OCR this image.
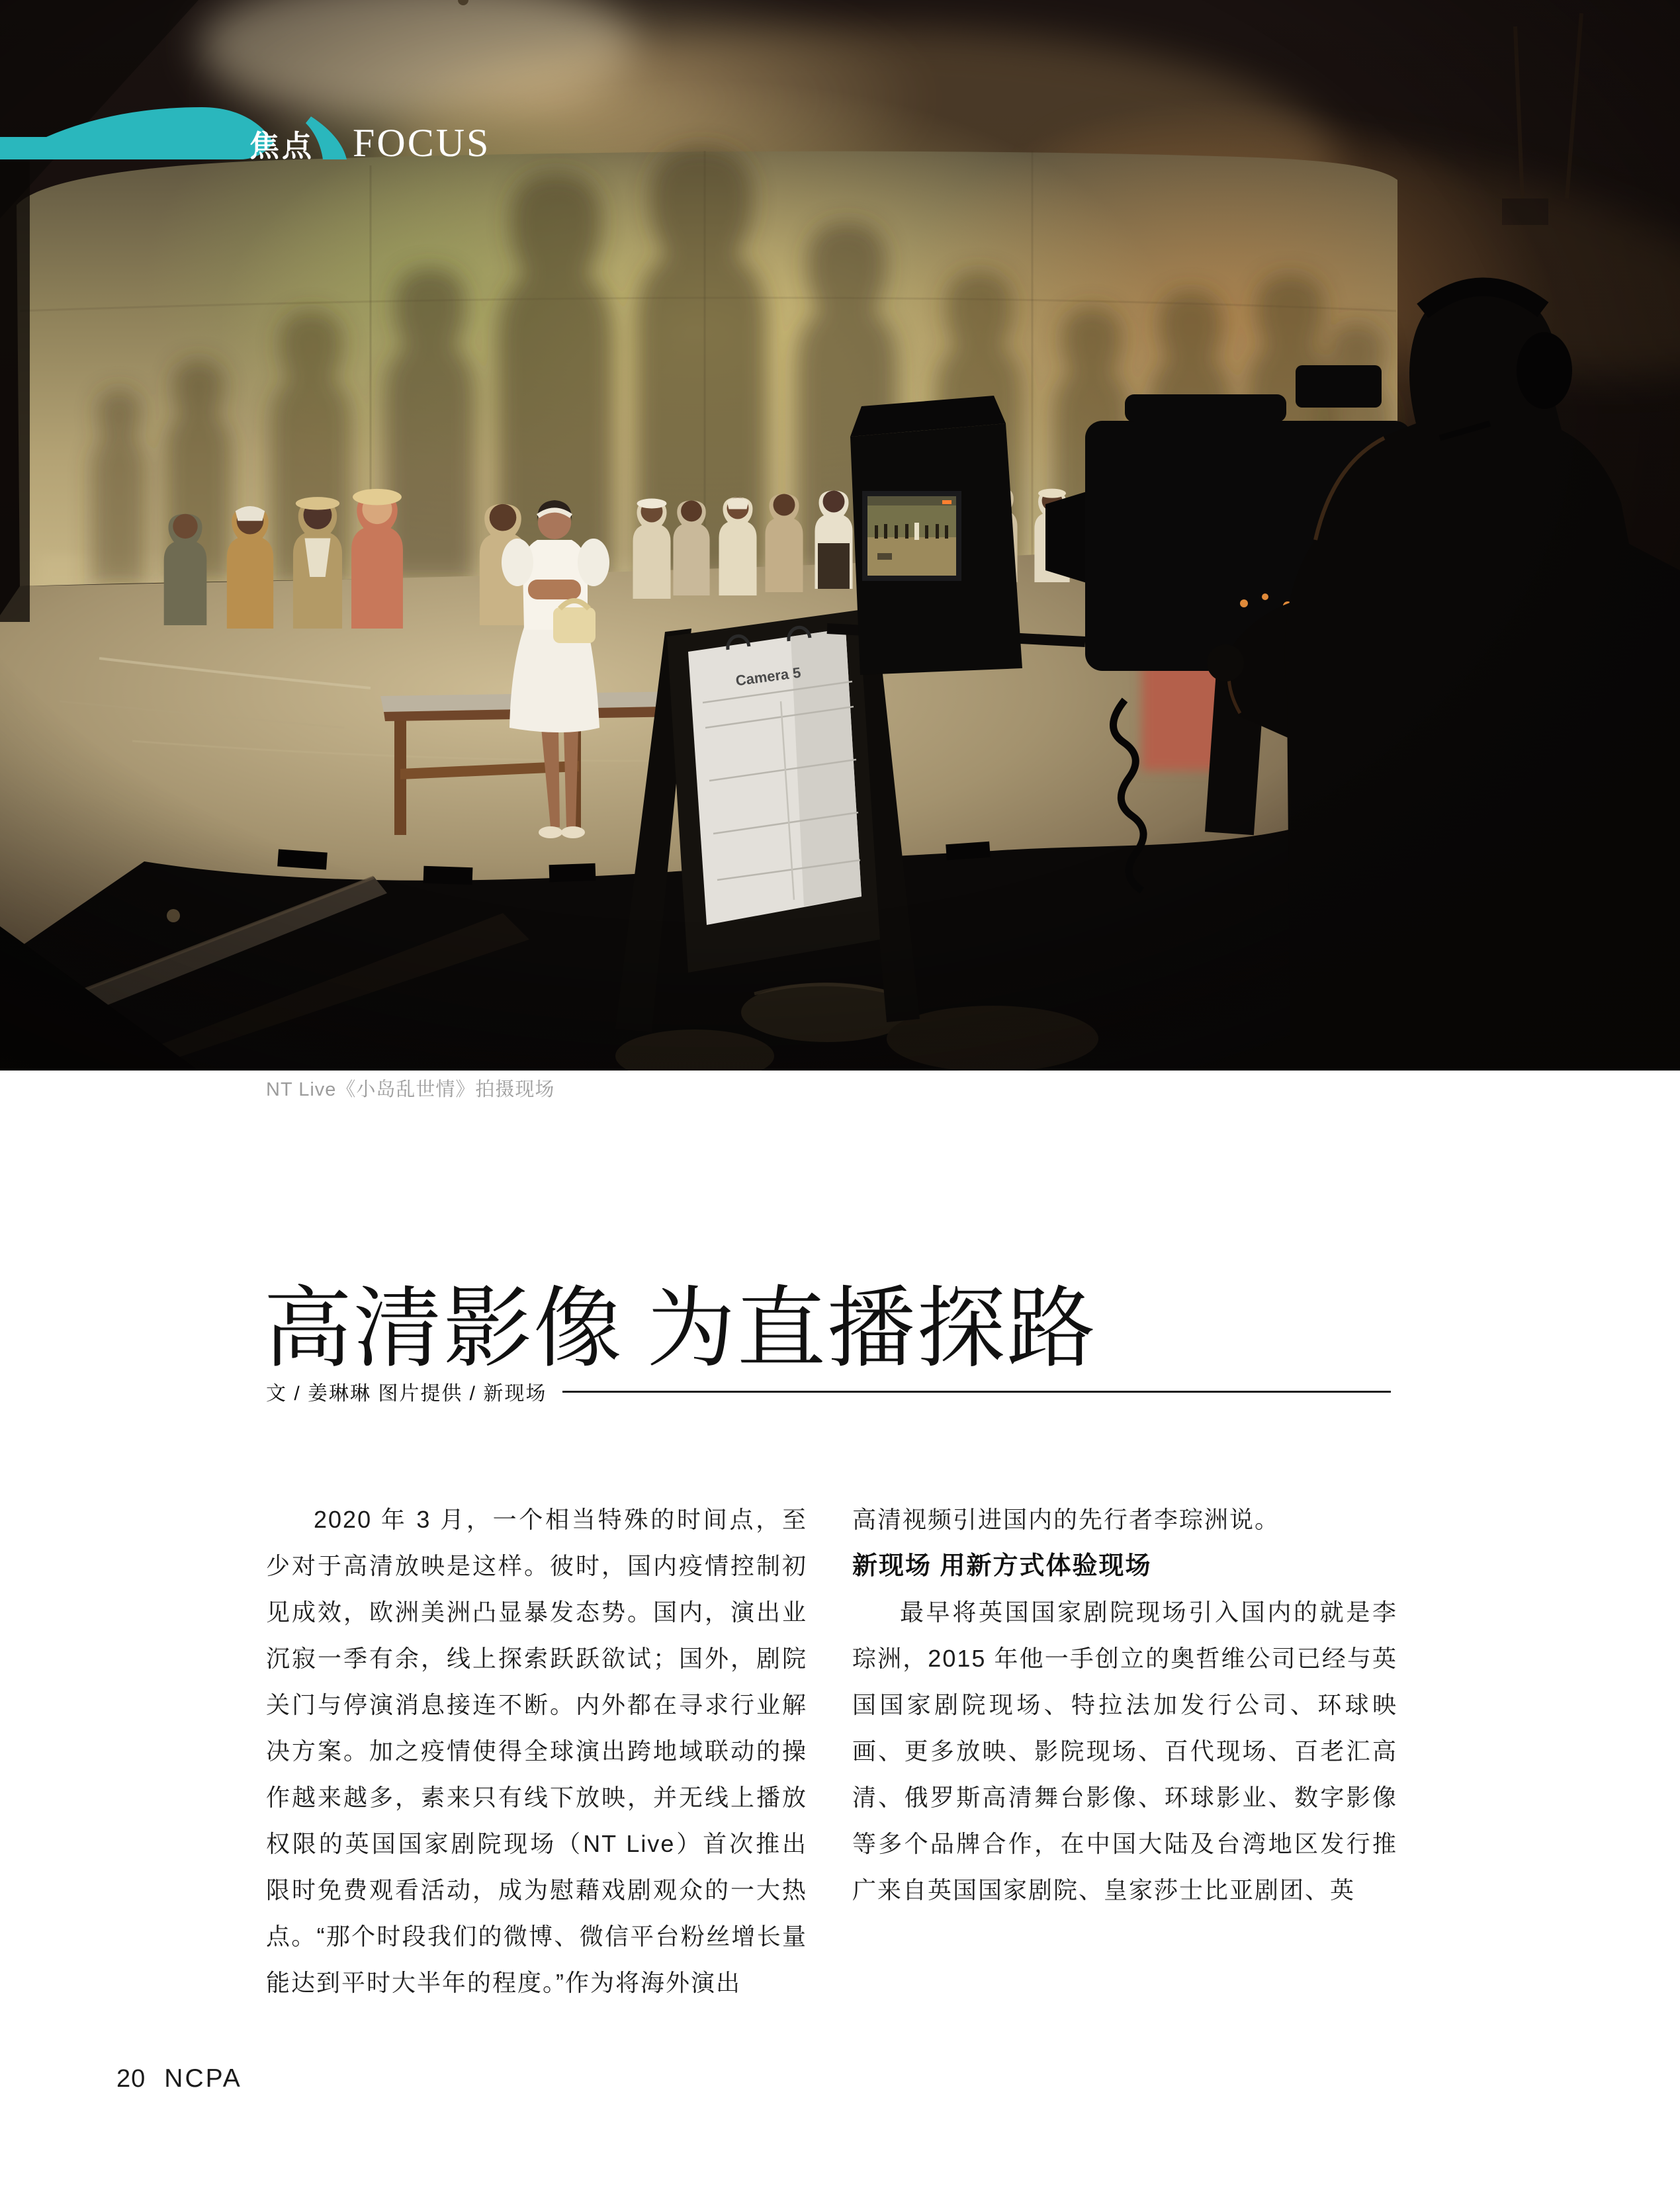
焦点 FOCUS
NT Live《小岛乱世情》拍摄现场
高清影像 为直播探路
文 / 姜琳琳 图片提供 / 新现场

2020 年 3 月，一个相当特殊的时间点，至少对于高清放映是这样。彼时，国内疫情控制初见成效，欧洲美洲凸显暴发态势。国内，演出业沉寂一季有余，线上探索跃跃欲试；国外，剧院关门与停演消息接连不断。内外都在寻求行业解决方案。加之疫情使得全球演出跨地域联动的操作越来越多，素来只有线下放映，并无线上播放权限的英国国家剧院现场（NT Live）首次推出限时免费观看活动，成为慰藉戏剧观众的一大热点。“那个时段我们的微博、微信平台粉丝增长量能达到平时大半年的程度。”作为将海外演出

高清视频引进国内的先行者李琮洲说。

新现场 用新方式体验现场

最早将英国国家剧院现场引入国内的就是李琮洲，2015 年他一手创立的奥哲维公司已经与英国国家剧院现场、特拉法加发行公司、环球映画、更多放映、影院现场、百代现场、百老汇高清、俄罗斯高清舞台影像、环球影业、数字影像等多个品牌合作，在中国大陆及台湾地区发行推广来自英国国家剧院、皇家莎士比亚剧团、英

20 NCPA
